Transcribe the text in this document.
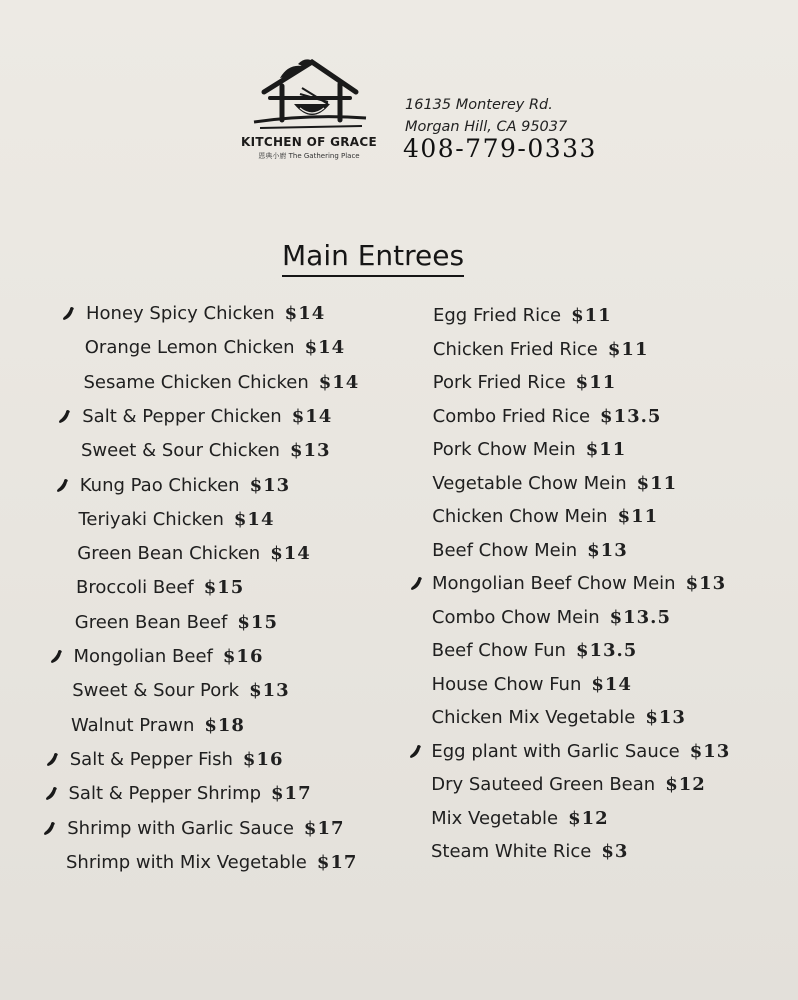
KITCHEN OF GRACE
恩典小廚 The Gathering Place
16135 Monterey Rd.
Morgan Hill, CA 95037
408-779-0333
Main Entrees
Honey Spicy Chicken $14
Orange Lemon Chicken $14
Sesame Chicken Chicken $14
Salt & Pepper Chicken $14
Sweet & Sour Chicken $13
Kung Pao Chicken $13
Teriyaki Chicken $14
Green Bean Chicken $14
Broccoli Beef $15
Green Bean Beef $15
Mongolian Beef $16
Sweet & Sour Pork $13
Walnut Prawn $18
Salt & Pepper Fish $16
Salt & Pepper Shrimp $17
Shrimp with Garlic Sauce $17
Shrimp with Mix Vegetable $17
Egg Fried Rice $11
Chicken Fried Rice $11
Pork Fried Rice $11
Combo Fried Rice $13.5
Pork Chow Mein $11
Vegetable Chow Mein $11
Chicken Chow Mein $11
Beef Chow Mein $13
Mongolian Beef Chow Mein $13
Combo Chow Mein $13.5
Beef Chow Fun $13.5
House Chow Fun $14
Chicken Mix Vegetable $13
Egg plant with Garlic Sauce $13
Dry Sauteed Green Bean $12
Mix Vegetable $12
Steam White Rice $3
